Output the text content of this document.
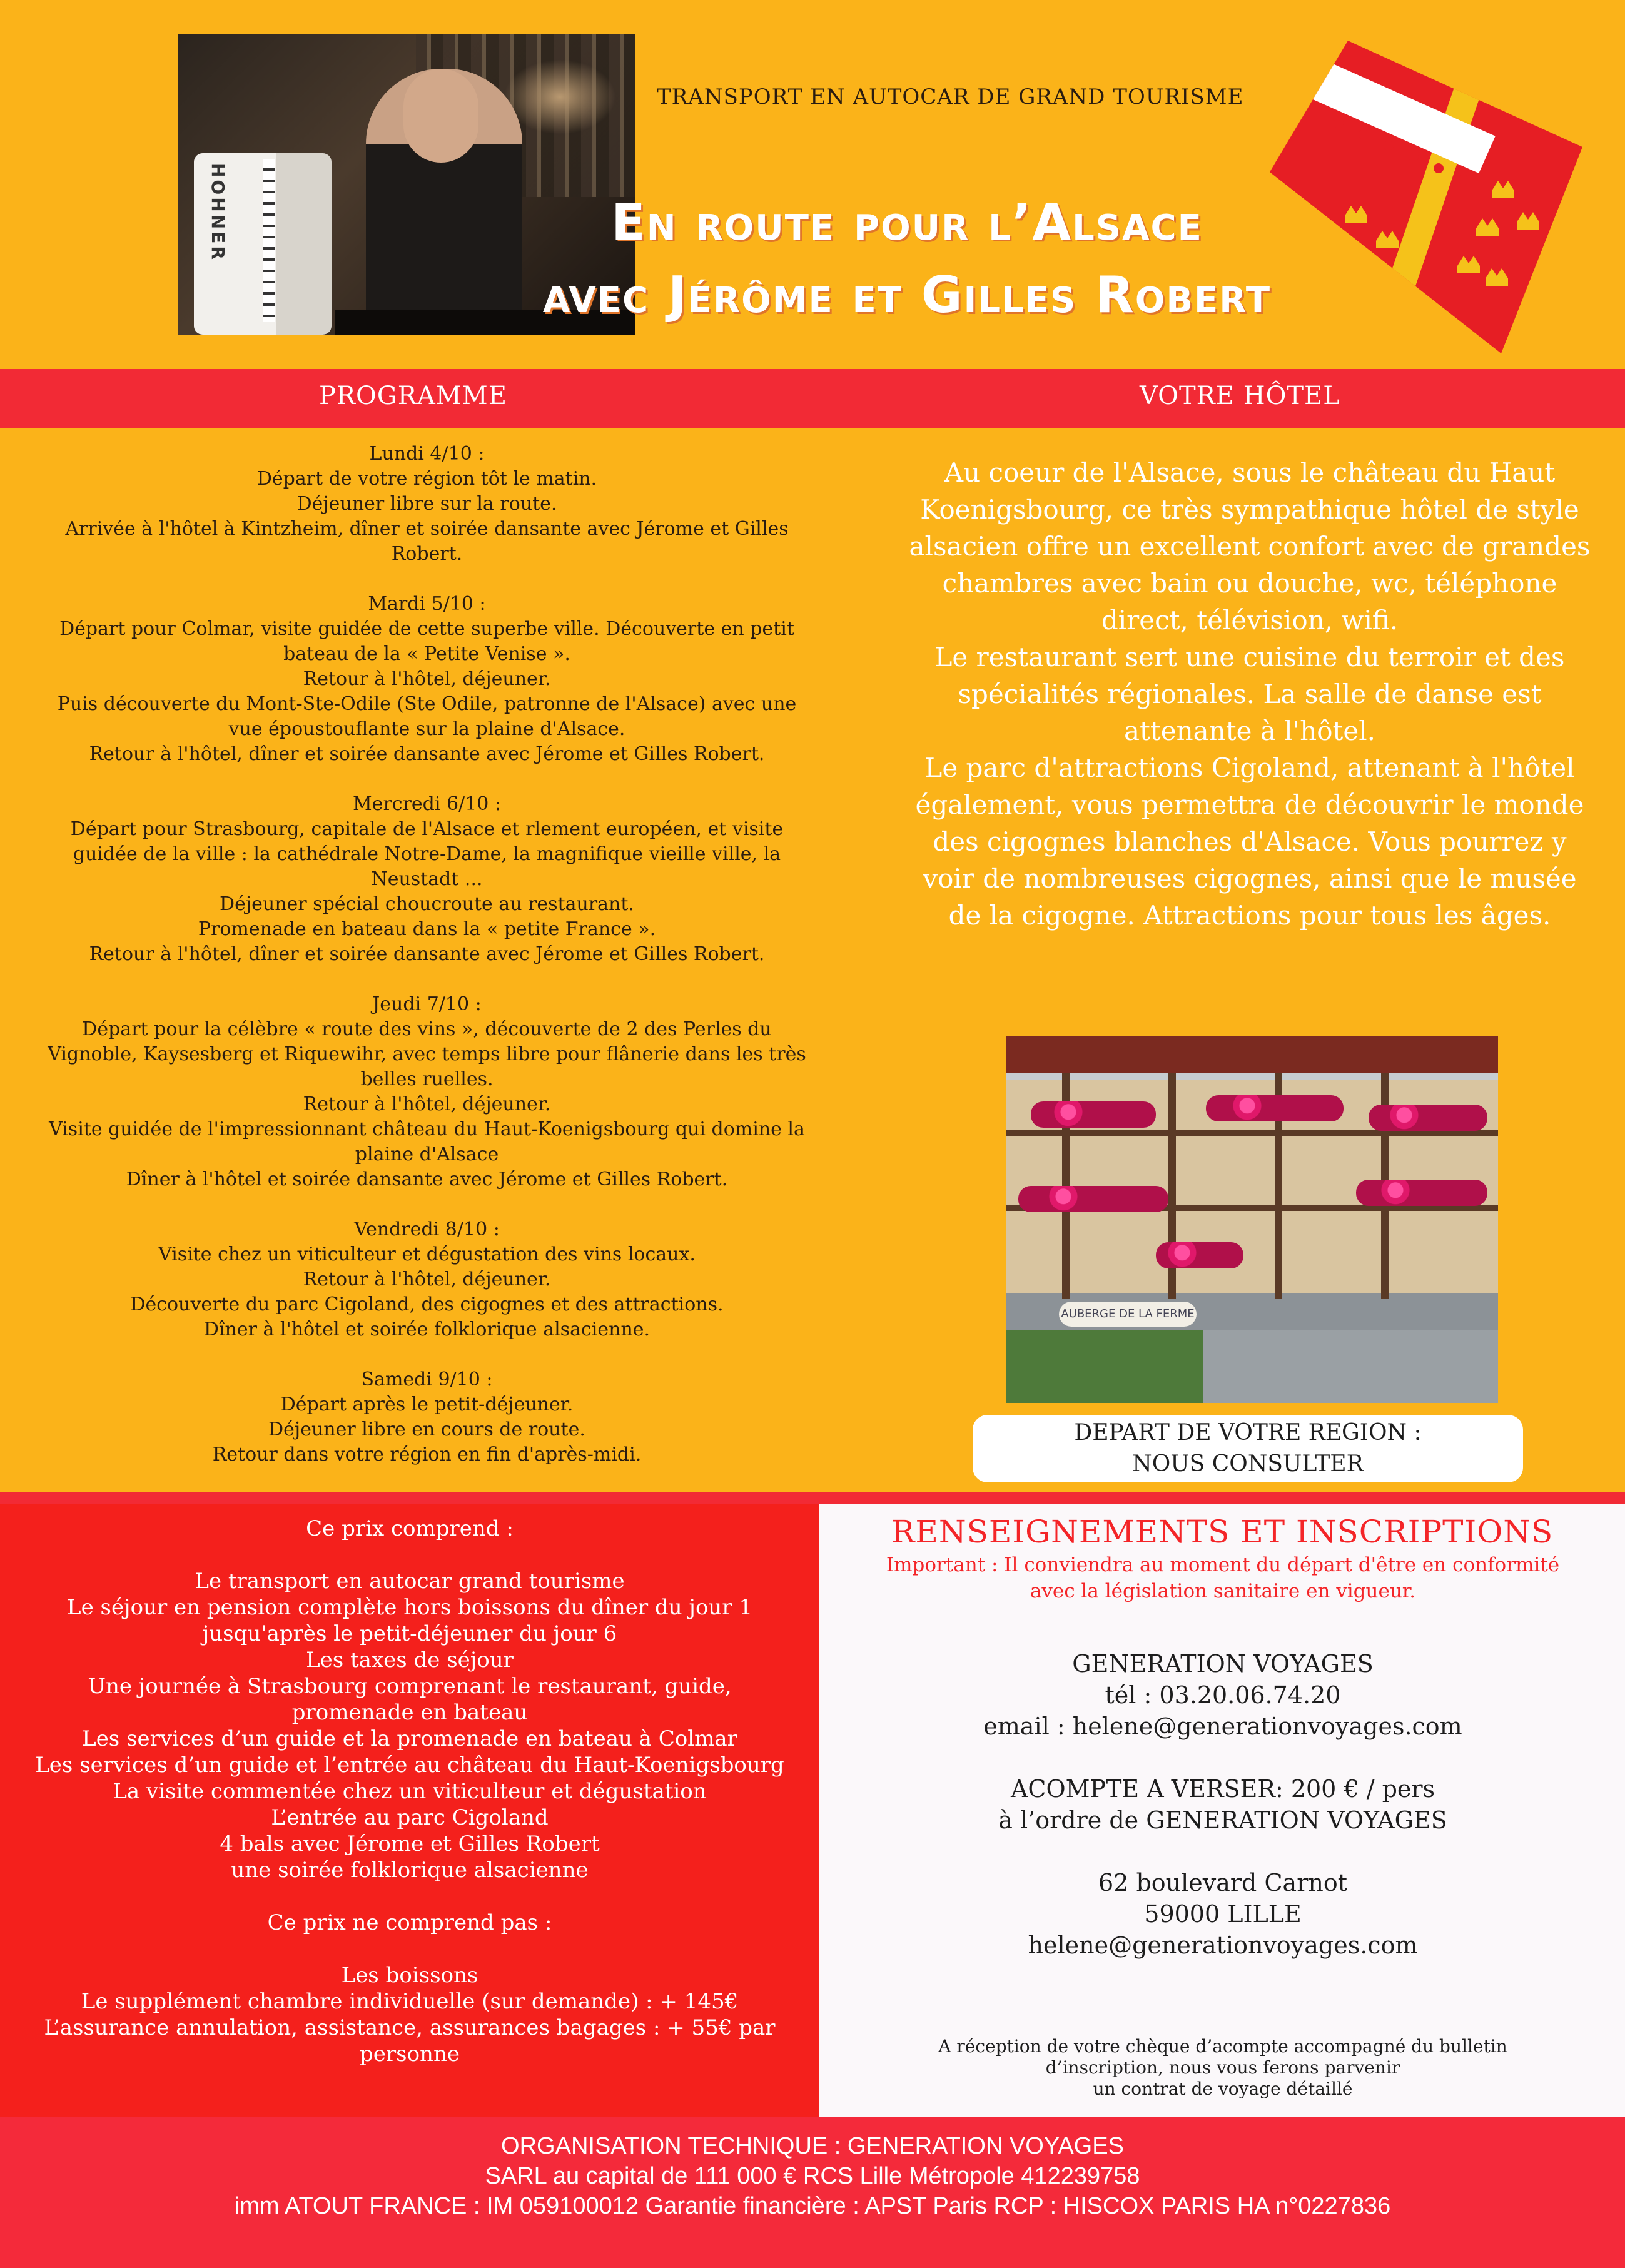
HOHNER
TRANSPORT EN AUTOCAR DE GRAND TOURISME
En route pour l’Alsace
avec Jérôme et Gilles Robert
PROGRAMME	VOTRE HÔTEL
Lundi 4/10 :
Départ de votre région tôt le matin.
Déjeuner libre sur la route.
Arrivée à l'hôtel à Kintzheim, dîner et soirée dansante avec Jérome et Gilles Robert.
Mardi 5/10 :
Départ pour Colmar, visite guidée de cette superbe ville. Découverte en petit bateau de la « Petite Venise ».
Retour à l'hôtel, déjeuner.
Puis découverte du Mont-Ste-Odile (Ste Odile, patronne de l'Alsace) avec une vue époustouflante sur la plaine d'Alsace.
Retour à l'hôtel, dîner et soirée dansante avec Jérome et Gilles Robert.
Mercredi 6/10 :
Départ pour Strasbourg, capitale de l'Alsace et rlement européen, et visite guidée de la ville : la cathédrale Notre-Dame, la magnifique vieille ville, la Neustadt ...
Déjeuner spécial choucroute au restaurant.
Promenade en bateau dans la « petite France ».
Retour à l'hôtel, dîner et soirée dansante avec Jérome et Gilles Robert.
Jeudi 7/10 :
Départ pour la célèbre « route des vins », découverte de 2 des Perles du Vignoble, Kaysesberg et Riquewihr, avec temps libre pour flânerie dans les très belles ruelles.
Retour à l'hôtel, déjeuner.
Visite guidée de l'impressionnant château du Haut-Koenigsbourg qui domine la plaine d'Alsace
Dîner à l'hôtel et soirée dansante avec Jérome et Gilles Robert.
Vendredi 8/10 :
Visite chez un viticulteur et dégustation des vins locaux.
Retour à l'hôtel, déjeuner.
Découverte du parc Cigoland, des cigognes et des attractions.
Dîner à l'hôtel et soirée folklorique alsacienne.
Samedi 9/10 :
Départ après le petit-déjeuner.
Déjeuner libre en cours de route.
Retour dans votre région en fin d'après-midi.
Au coeur de l'Alsace, sous le château du Haut Koenigsbourg, ce très sympathique hôtel de style alsacien offre un excellent confort avec de grandes chambres avec bain ou douche, wc, téléphone direct, télévision, wifi.
Le restaurant sert une cuisine du terroir et des spécialités régionales. La salle de danse est attenante à l'hôtel.
Le parc d'attractions Cigoland, attenant à l'hôtel également, vous permettra de découvrir le monde des cigognes blanches d'Alsace. Vous pourrez y voir de nombreuses cigognes, ainsi que le musée de la cigogne. Attractions pour tous les âges.
AUBERGE DE LA FERME
DEPART DE VOTRE REGION :
NOUS CONSULTER
Ce prix comprend :
Le transport en autocar grand tourisme
Le séjour en pension complète hors boissons du dîner du jour 1 jusqu'après le petit-déjeuner du jour 6
Les taxes de séjour
Une journée à Strasbourg comprenant le restaurant, guide, promenade en bateau
Les services d’un guide et la promenade en bateau à Colmar
Les services d’un guide et l’entrée au château du Haut-Koenigsbourg
La visite commentée chez un viticulteur et dégustation
L’entrée au parc Cigoland
4 bals avec Jérome et Gilles Robert
une soirée folklorique alsacienne
Ce prix ne comprend pas :
Les boissons
Le supplément chambre individuelle (sur demande) : + 145€
L’assurance annulation, assistance, assurances bagages : + 55€ par personne
RENSEIGNEMENTS ET INSCRIPTIONS
Important : Il conviendra au moment du départ d'être en conformité avec la législation sanitaire en vigueur.
GENERATION VOYAGES
tél : 03.20.06.74.20
email : helene@generationvoyages.com
ACOMPTE A VERSER: 200 € / pers
à l’ordre de GENERATION VOYAGES
62 boulevard Carnot
59000 LILLE
helene@generationvoyages.com
A réception de votre chèque d’acompte accompagné du bulletin
d’inscription, nous vous ferons parvenir
un contrat de voyage détaillé
ORGANISATION TECHNIQUE : GENERATION VOYAGES
SARL au capital de 111 000 € RCS Lille Métropole 412239758
imm ATOUT FRANCE : IM 059100012 Garantie financière : APST Paris RCP : HISCOX PARIS HA n°0227836
